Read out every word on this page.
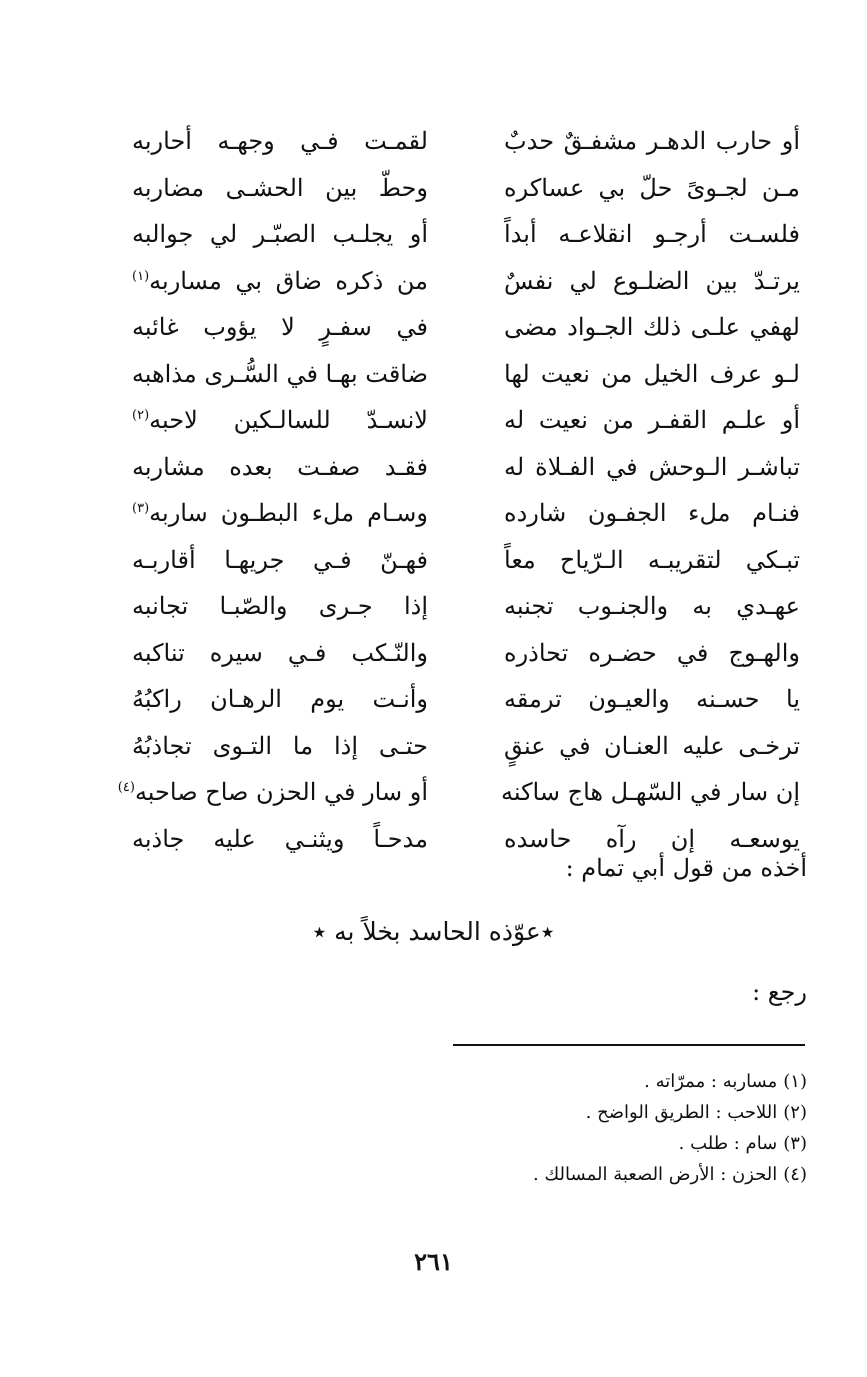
أو حارب الدهـر مشفـقٌ حدبٌ
لقمـت فـي وجهـه أحاربه
مـن لجـوىً حلّ بي عساكره
وحطّ بين الحشـى مضاربه
فلسـت أرجـو انقلاعـه أبداً
أو يجلـب الصبّـر لي جوالبه
يرتـدّ بين الضلـوع لي نفسٌ
من ذكره ضاق بي مساربه$^{(١)}$
لهفي علـى ذلك الجـواد مضى
في سفـرٍ لا يؤوب غائبه
لـو عرف الخيل من نعيت لها
ضاقت بهـا في السُّـرى مذاهبه
أو علـم القفـر من نعيت له
لانسـدّ للسالـكين لاحبه$^{(٢)}$
تباشـر الـوحش في الفـلاة له
فقـد صفـت بعده مشاربه
فنـام ملء الجفـون شارده
وسـام ملء البطـون ساربه$^{(٣)}$
تبـكي لتقريبـه الـرّياح معاً
فهـنّ فـي جريهـا أقاربـه
عهـدي به والجنـوب تجنبه
إذا جـرى والصّبـا تجانبه
والهـوج في حضـره تحاذره
والنّـكب فـي سيره تناكبه
يا حسـنه والعيـون ترمقه
وأنـت يوم الرهـان راكبُهُ
ترخـى عليه العنـان في عنقٍ
حتـى إذا ما التـوى تجاذبُهُ
إن سار في السّهـل هاج ساكنه
أو سار في الحزن صاح صاحبه$^{(٤)}$
يوسعـه إن رآه حاسده
مدحـاً ويثنـي عليه جاذبه
أخذه من قول أبي تمام :
٭عوّذه الحاسد بخلاً به ٭
رجع :
(١)مساربه : ممرّاته .
(٢)اللاحب : الطريق الواضح .
(٣)سام : طلب .
(٤)الحزن : الأرض الصعبة المسالك .
٢٦١
